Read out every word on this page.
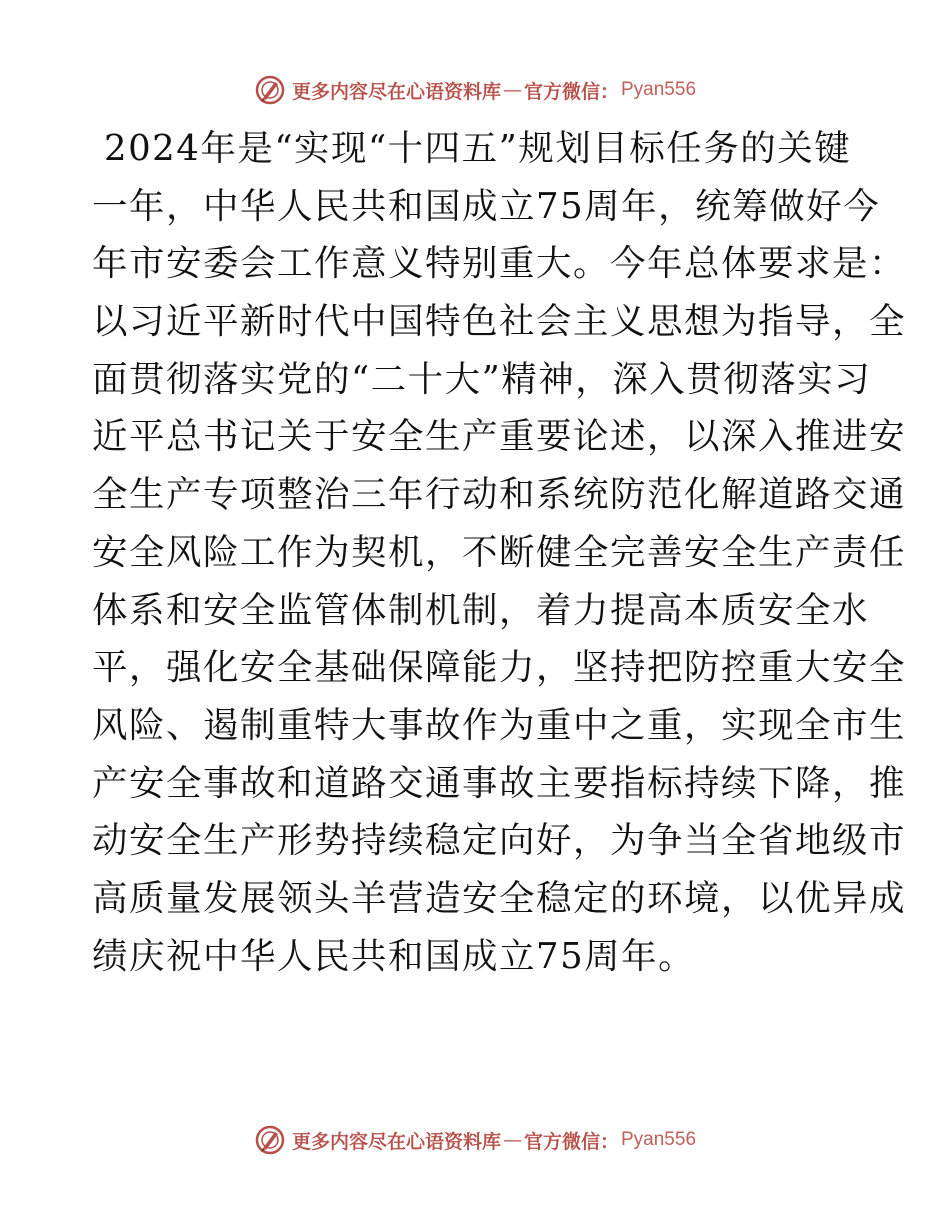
更多内容尽在心语资料库 — 官方微信： Pyan556
2024年是“实现“十四五”规划目标任务的关键
一年，中华人民共和国成立75周年，统筹做好今
年市安委会工作意义特别重大。今年总体要求是：
以习近平新时代中国特色社会主义思想为指导，全
面贯彻落实党的“二十大”精神，深入贯彻落实习
近平总书记关于安全生产重要论述，以深入推进安
全生产专项整治三年行动和系统防范化解道路交通
安全风险工作为契机，不断健全完善安全生产责任
体系和安全监管体制机制，着力提高本质安全水
平，强化安全基础保障能力，坚持把防控重大安全
风险、遏制重特大事故作为重中之重，实现全市生
产安全事故和道路交通事故主要指标持续下降，推
动安全生产形势持续稳定向好，为争当全省地级市
高质量发展领头羊营造安全稳定的环境，以优异成
绩庆祝中华人民共和国成立75周年。
更多内容尽在心语资料库 — 官方微信： Pyan556
